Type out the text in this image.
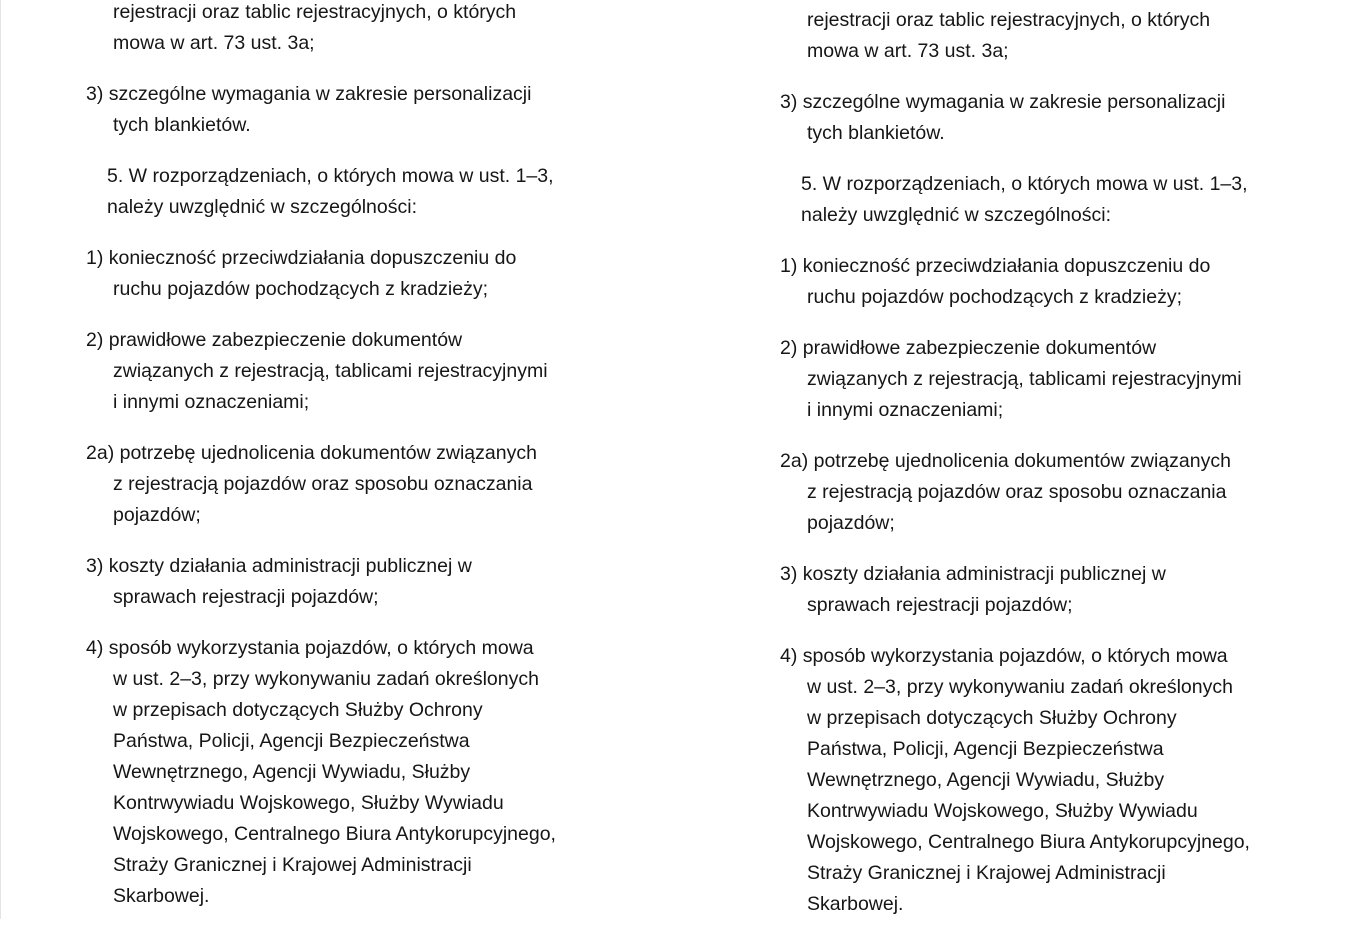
rejestracji oraz tablic rejestracyjnych, o których
mowa w art. 73 ust. 3a;

3) szczególne wymagania w zakresie personalizacji
tych blankietów.

5. W rozporządzeniach, o których mowa w ust. 1–3,
należy uwzględnić w szczególności:

1) konieczność przeciwdziałania dopuszczeniu do
ruchu pojazdów pochodzących z kradzieży;

2) prawidłowe zabezpieczenie dokumentów
związanych z rejestracją, tablicami rejestracyjnymi
i innymi oznaczeniami;

2a) potrzebę ujednolicenia dokumentów związanych
z rejestracją pojazdów oraz sposobu oznaczania
pojazdów;

3) koszty działania administracji publicznej w
sprawach rejestracji pojazdów;

4) sposób wykorzystania pojazdów, o których mowa
w ust. 2–3, przy wykonywaniu zadań określonych
w przepisach dotyczących Służby Ochrony
Państwa, Policji, Agencji Bezpieczeństwa
Wewnętrznego, Agencji Wywiadu, Służby
Kontrwywiadu Wojskowego, Służby Wywiadu
Wojskowego, Centralnego Biura Antykorupcyjnego,
Straży Granicznej i Krajowej Administracji
Skarbowej.

rejestracji oraz tablic rejestracyjnych, o których
mowa w art. 73 ust. 3a;

3) szczególne wymagania w zakresie personalizacji
tych blankietów.

5. W rozporządzeniach, o których mowa w ust. 1–3,
należy uwzględnić w szczególności:

1) konieczność przeciwdziałania dopuszczeniu do
ruchu pojazdów pochodzących z kradzieży;

2) prawidłowe zabezpieczenie dokumentów
związanych z rejestracją, tablicami rejestracyjnymi
i innymi oznaczeniami;

2a) potrzebę ujednolicenia dokumentów związanych
z rejestracją pojazdów oraz sposobu oznaczania
pojazdów;

3) koszty działania administracji publicznej w
sprawach rejestracji pojazdów;

4) sposób wykorzystania pojazdów, o których mowa
w ust. 2–3, przy wykonywaniu zadań określonych
w przepisach dotyczących Służby Ochrony
Państwa, Policji, Agencji Bezpieczeństwa
Wewnętrznego, Agencji Wywiadu, Służby
Kontrwywiadu Wojskowego, Służby Wywiadu
Wojskowego, Centralnego Biura Antykorupcyjnego,
Straży Granicznej i Krajowej Administracji
Skarbowej.
